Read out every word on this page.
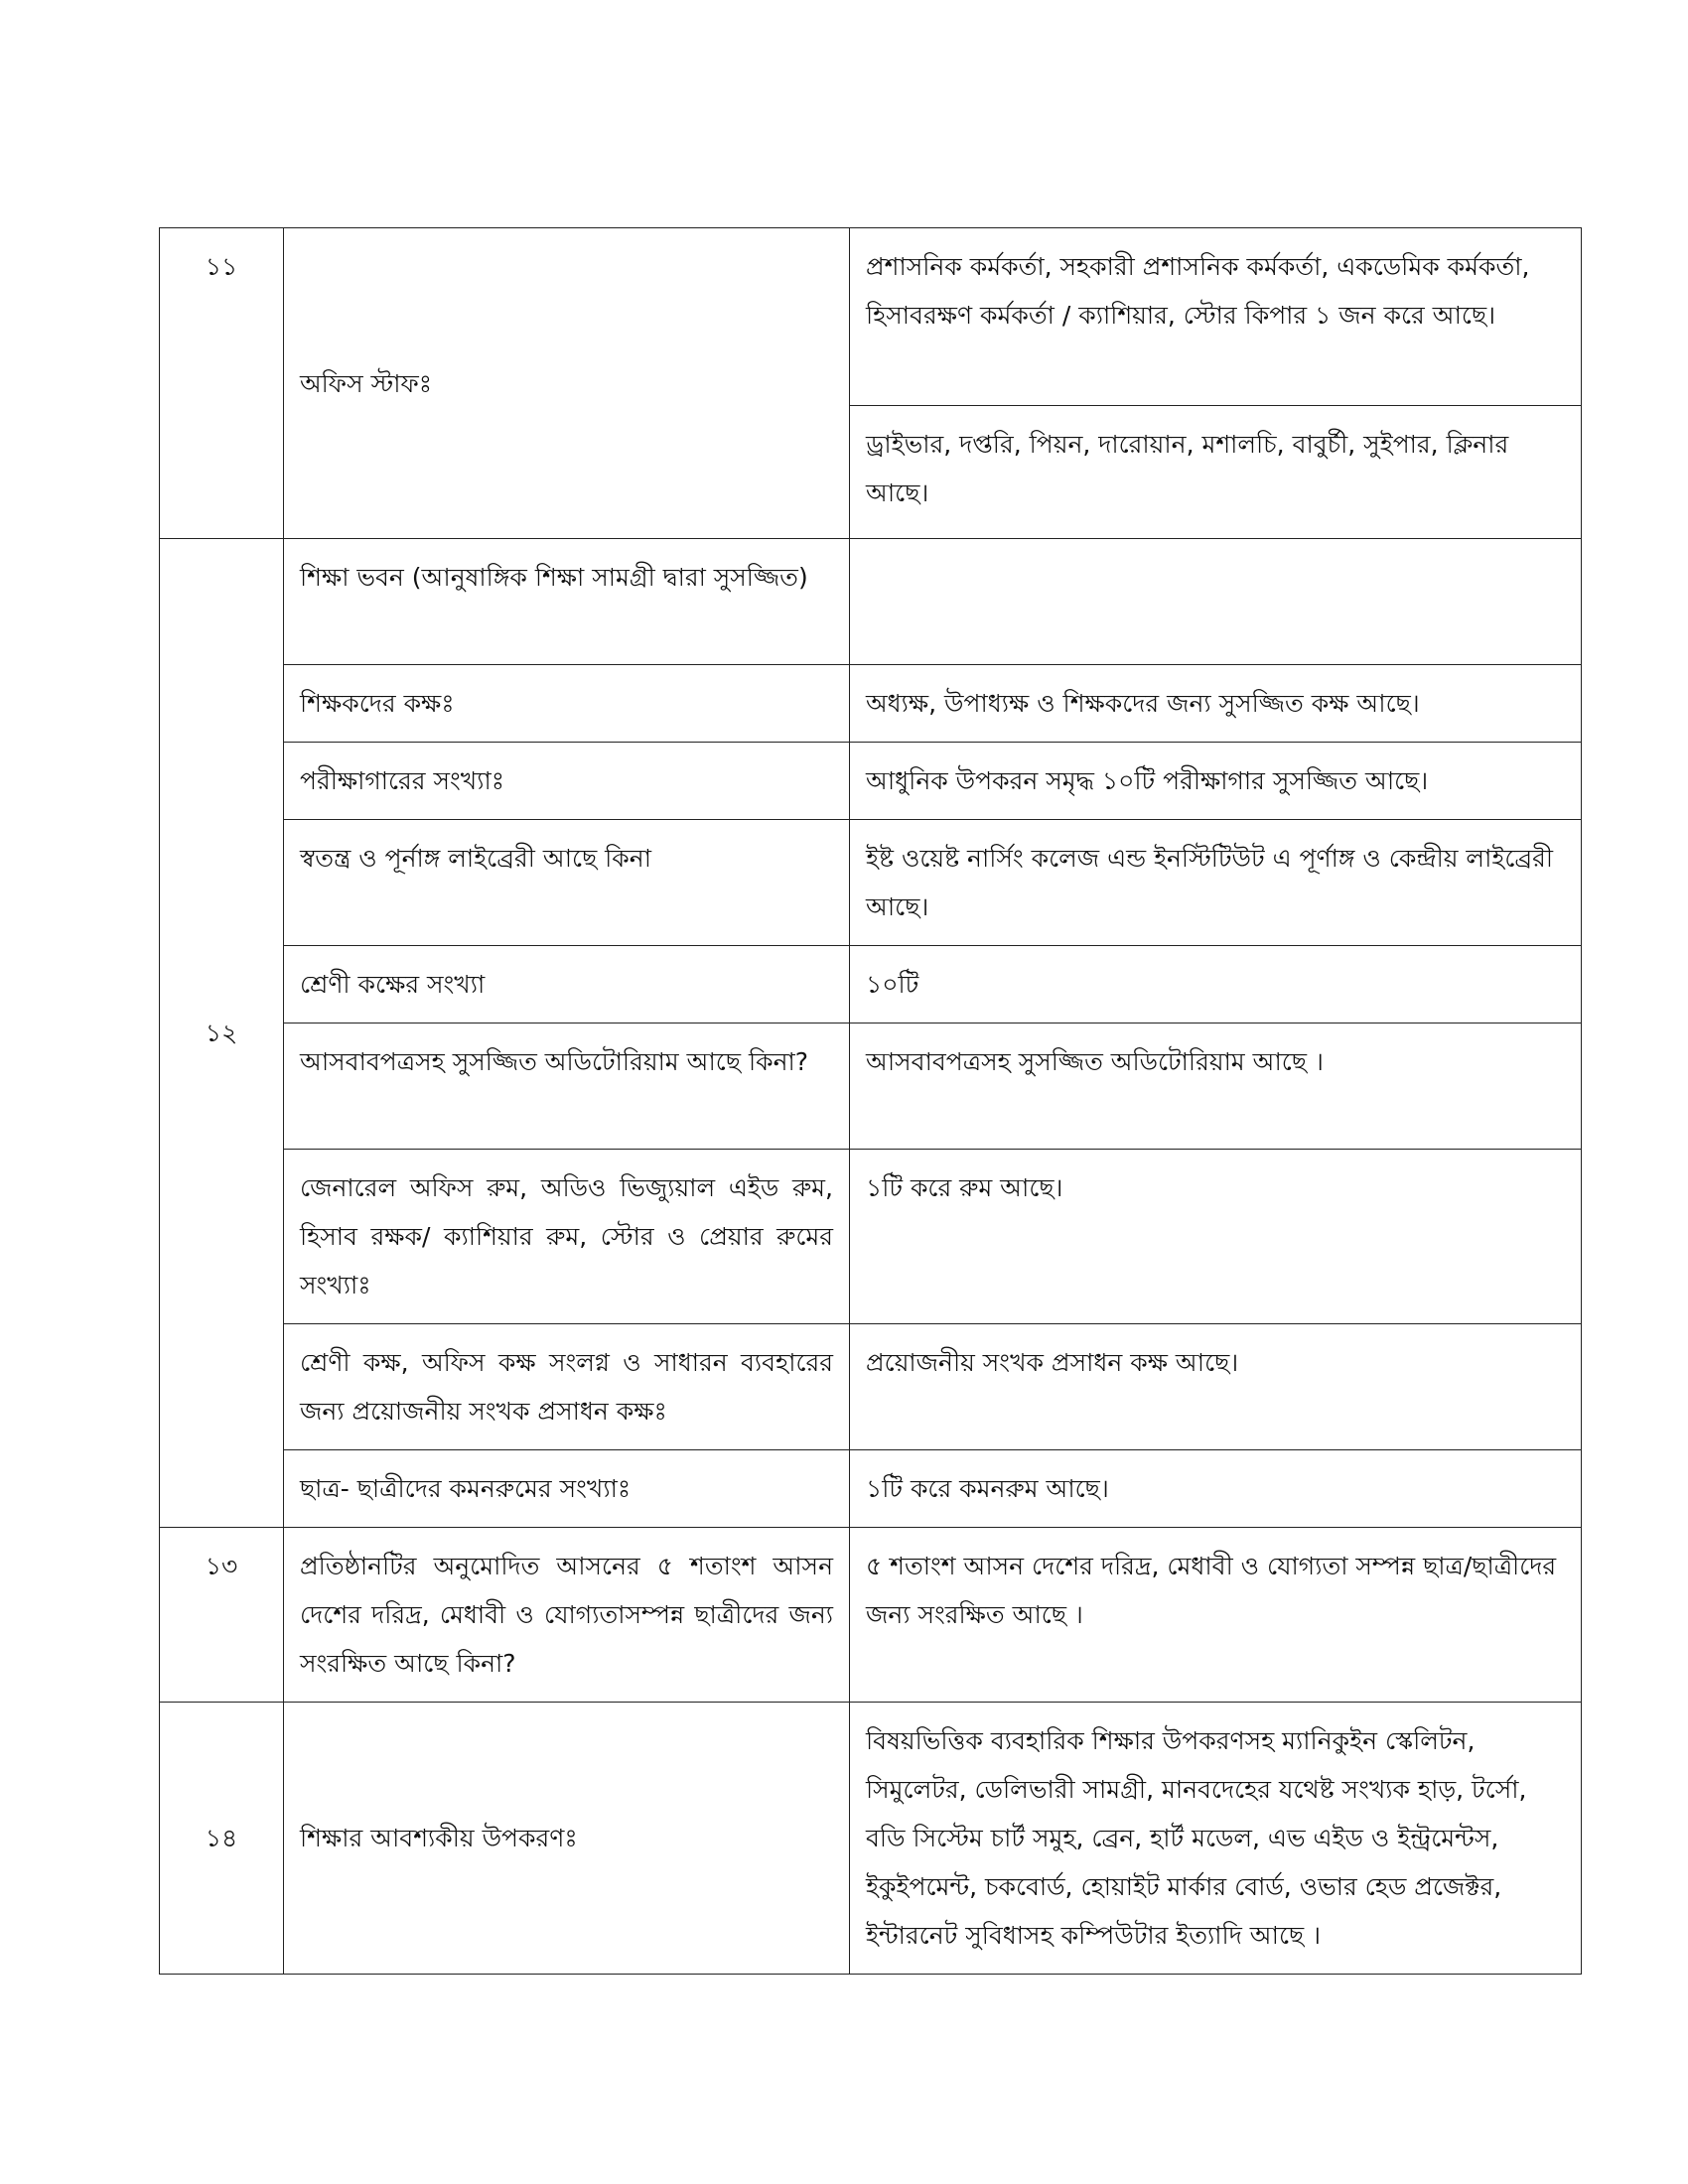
১১	অফিস স্টাফঃ	প্রশাসনিক কর্মকর্তা, সহকারী প্রশাসনিক কর্মকর্তা, একডেমিক কর্মকর্তা, হিসাবরক্ষণ কর্মকর্তা / ক্যাশিয়ার, স্টোর কিপার ১ জন করে আছে।
		ড্রাইভার, দপ্তরি, পিয়ন, দারোয়ান, মশালচি, বাবুর্চী, সুইপার, ক্লিনার আছে।
১২	শিক্ষা ভবন (আনুষাঙ্গিক শিক্ষা সামগ্রী দ্বারা সুসজ্জিত)	
	শিক্ষকদের কক্ষঃ	অধ্যক্ষ, উপাধ্যক্ষ ও শিক্ষকদের জন্য সুসজ্জিত কক্ষ আছে।
	পরীক্ষাগারের সংখ্যাঃ	আধুনিক উপকরন সমৃদ্ধ ১০টি পরীক্ষাগার সুসজ্জিত আছে।
	স্বতন্ত্র ও পূর্নাঙ্গ লাইব্রেরী আছে কিনা	ইষ্ট ওয়েষ্ট নার্সিং কলেজ এন্ড ইনস্টিটিউট এ পূর্ণাঙ্গ ও কেন্দ্রীয় লাইব্রেরী আছে।
	শ্রেণী কক্ষের সংখ্যা	১০টি
	আসবাবপত্রসহ সুসজ্জিত অডিটোরিয়াম আছে কিনা?	আসবাবপত্রসহ সুসজ্জিত অডিটোরিয়াম আছে ।
	জেনারেল অফিস রুম, অডিও ভিজ্যুয়াল এইড রুম, হিসাব রক্ষক/ ক্যাশিয়ার রুম, স্টোর ও প্রেয়ার রুমের সংখ্যাঃ	১টি করে রুম আছে।
	শ্রেণী কক্ষ, অফিস কক্ষ সংলগ্ন ও সাধারন ব্যবহারের জন্য প্রয়োজনীয় সংখক প্রসাধন কক্ষঃ	প্রয়োজনীয় সংখক প্রসাধন কক্ষ আছে।
	ছাত্র- ছাত্রীদের কমনরুমের সংখ্যাঃ	১টি করে কমনরুম আছে।
১৩	প্রতিষ্ঠানটির অনুমোদিত আসনের ৫ শতাংশ আসন দেশের দরিদ্র, মেধাবী ও যোগ্যতাসম্পন্ন ছাত্রীদের জন্য সংরক্ষিত আছে কিনা?	৫ শতাংশ আসন দেশের দরিদ্র, মেধাবী ও যোগ্যতা সম্পন্ন ছাত্র/ছাত্রীদের জন্য সংরক্ষিত আছে ।
১৪	শিক্ষার আবশ্যকীয় উপকরণঃ	বিষয়ভিত্তিক ব্যবহারিক শিক্ষার উপকরণসহ ম্যানিকুইন স্কেলিটন, সিমুলেটর, ডেলিভারী সামগ্রী, মানবদেহের যথেষ্ট সংখ্যক হাড়, টর্সো, বডি সিস্টেম চার্ট সমুহ, ব্রেন, হার্ট মডেল, এভ এইড ও ইন্ট্রমেন্টস, ইকুইপমেন্ট, চকবোর্ড, হোয়াইট মার্কার বোর্ড, ওভার হেড প্রজেক্টর, ইন্টারনেট সুবিধাসহ কম্পিউটার ইত্যাদি আছে ।
